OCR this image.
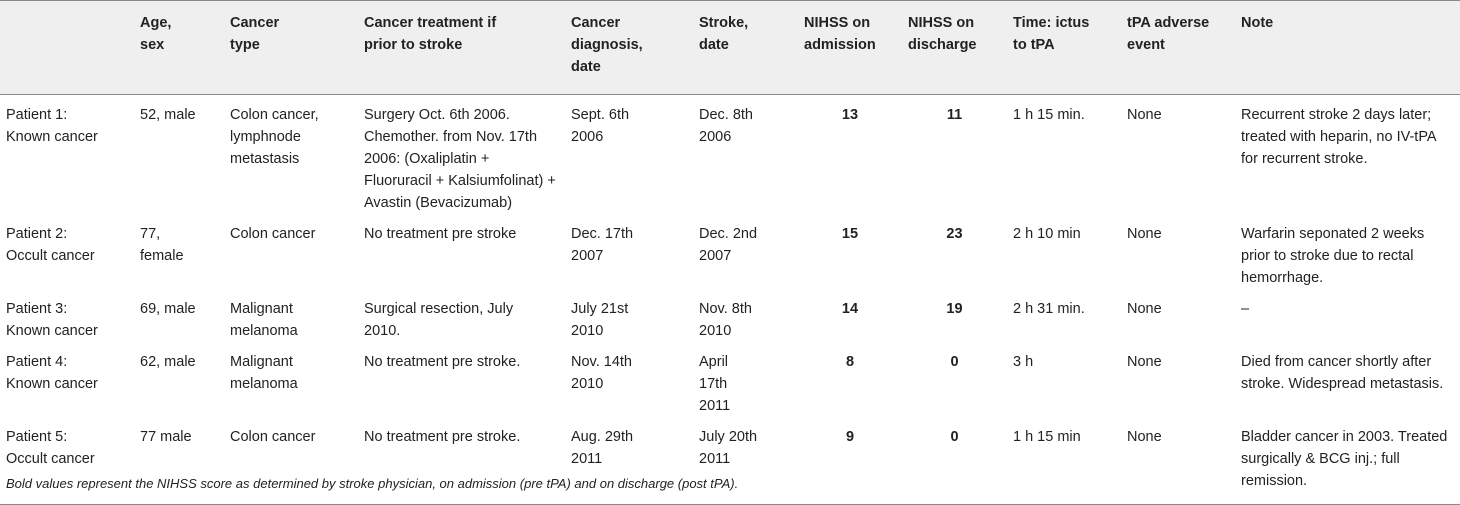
	Age, sex	Cancer type	Cancer treatment if prior to stroke	Cancer diagnosis, date	Stroke, date	NIHSS on admission	NIHSS on discharge	Time: ictus to tPA	tPA adverse event	Note
Patient 1: Known cancer	52, male	Colon cancer, lymphnode metastasis	Surgery Oct. 6th 2006. Chemother. from Nov. 17th 2006: (Oxaliplatin + Fluoruracil + Kalsiumfolinat) + Avastin (Bevacizumab)	Sept. 6th 2006	Dec. 8th 2006	13	11	1 h 15 min.	None	Recurrent stroke 2 days later; treated with heparin, no IV-tPA for recurrent stroke.
Patient 2: Occult cancer	77, female	Colon cancer	No treatment pre stroke	Dec. 17th 2007	Dec. 2nd 2007	15	23	2 h 10 min	None	Warfarin seponated 2 weeks prior to stroke due to rectal hemorrhage.
Patient 3: Known cancer	69, male	Malignant melanoma	Surgical resection, July 2010.	July 21st 2010	Nov. 8th 2010	14	19	2 h 31 min.	None	–
Patient 4: Known cancer	62, male	Malignant melanoma	No treatment pre stroke.	Nov. 14th 2010	April 17th 2011	8	0	3 h	None	Died from cancer shortly after stroke. Widespread metastasis.
Patient 5: Occult cancer	77 male	Colon cancer	No treatment pre stroke.	Aug. 29th 2011	July 20th 2011	9	0	1 h 15 min	None	Bladder cancer in 2003. Treated surgically & BCG inj.; full remission.
Bold values represent the NIHSS score as determined by stroke physician, on admission (pre tPA) and on discharge (post tPA).
